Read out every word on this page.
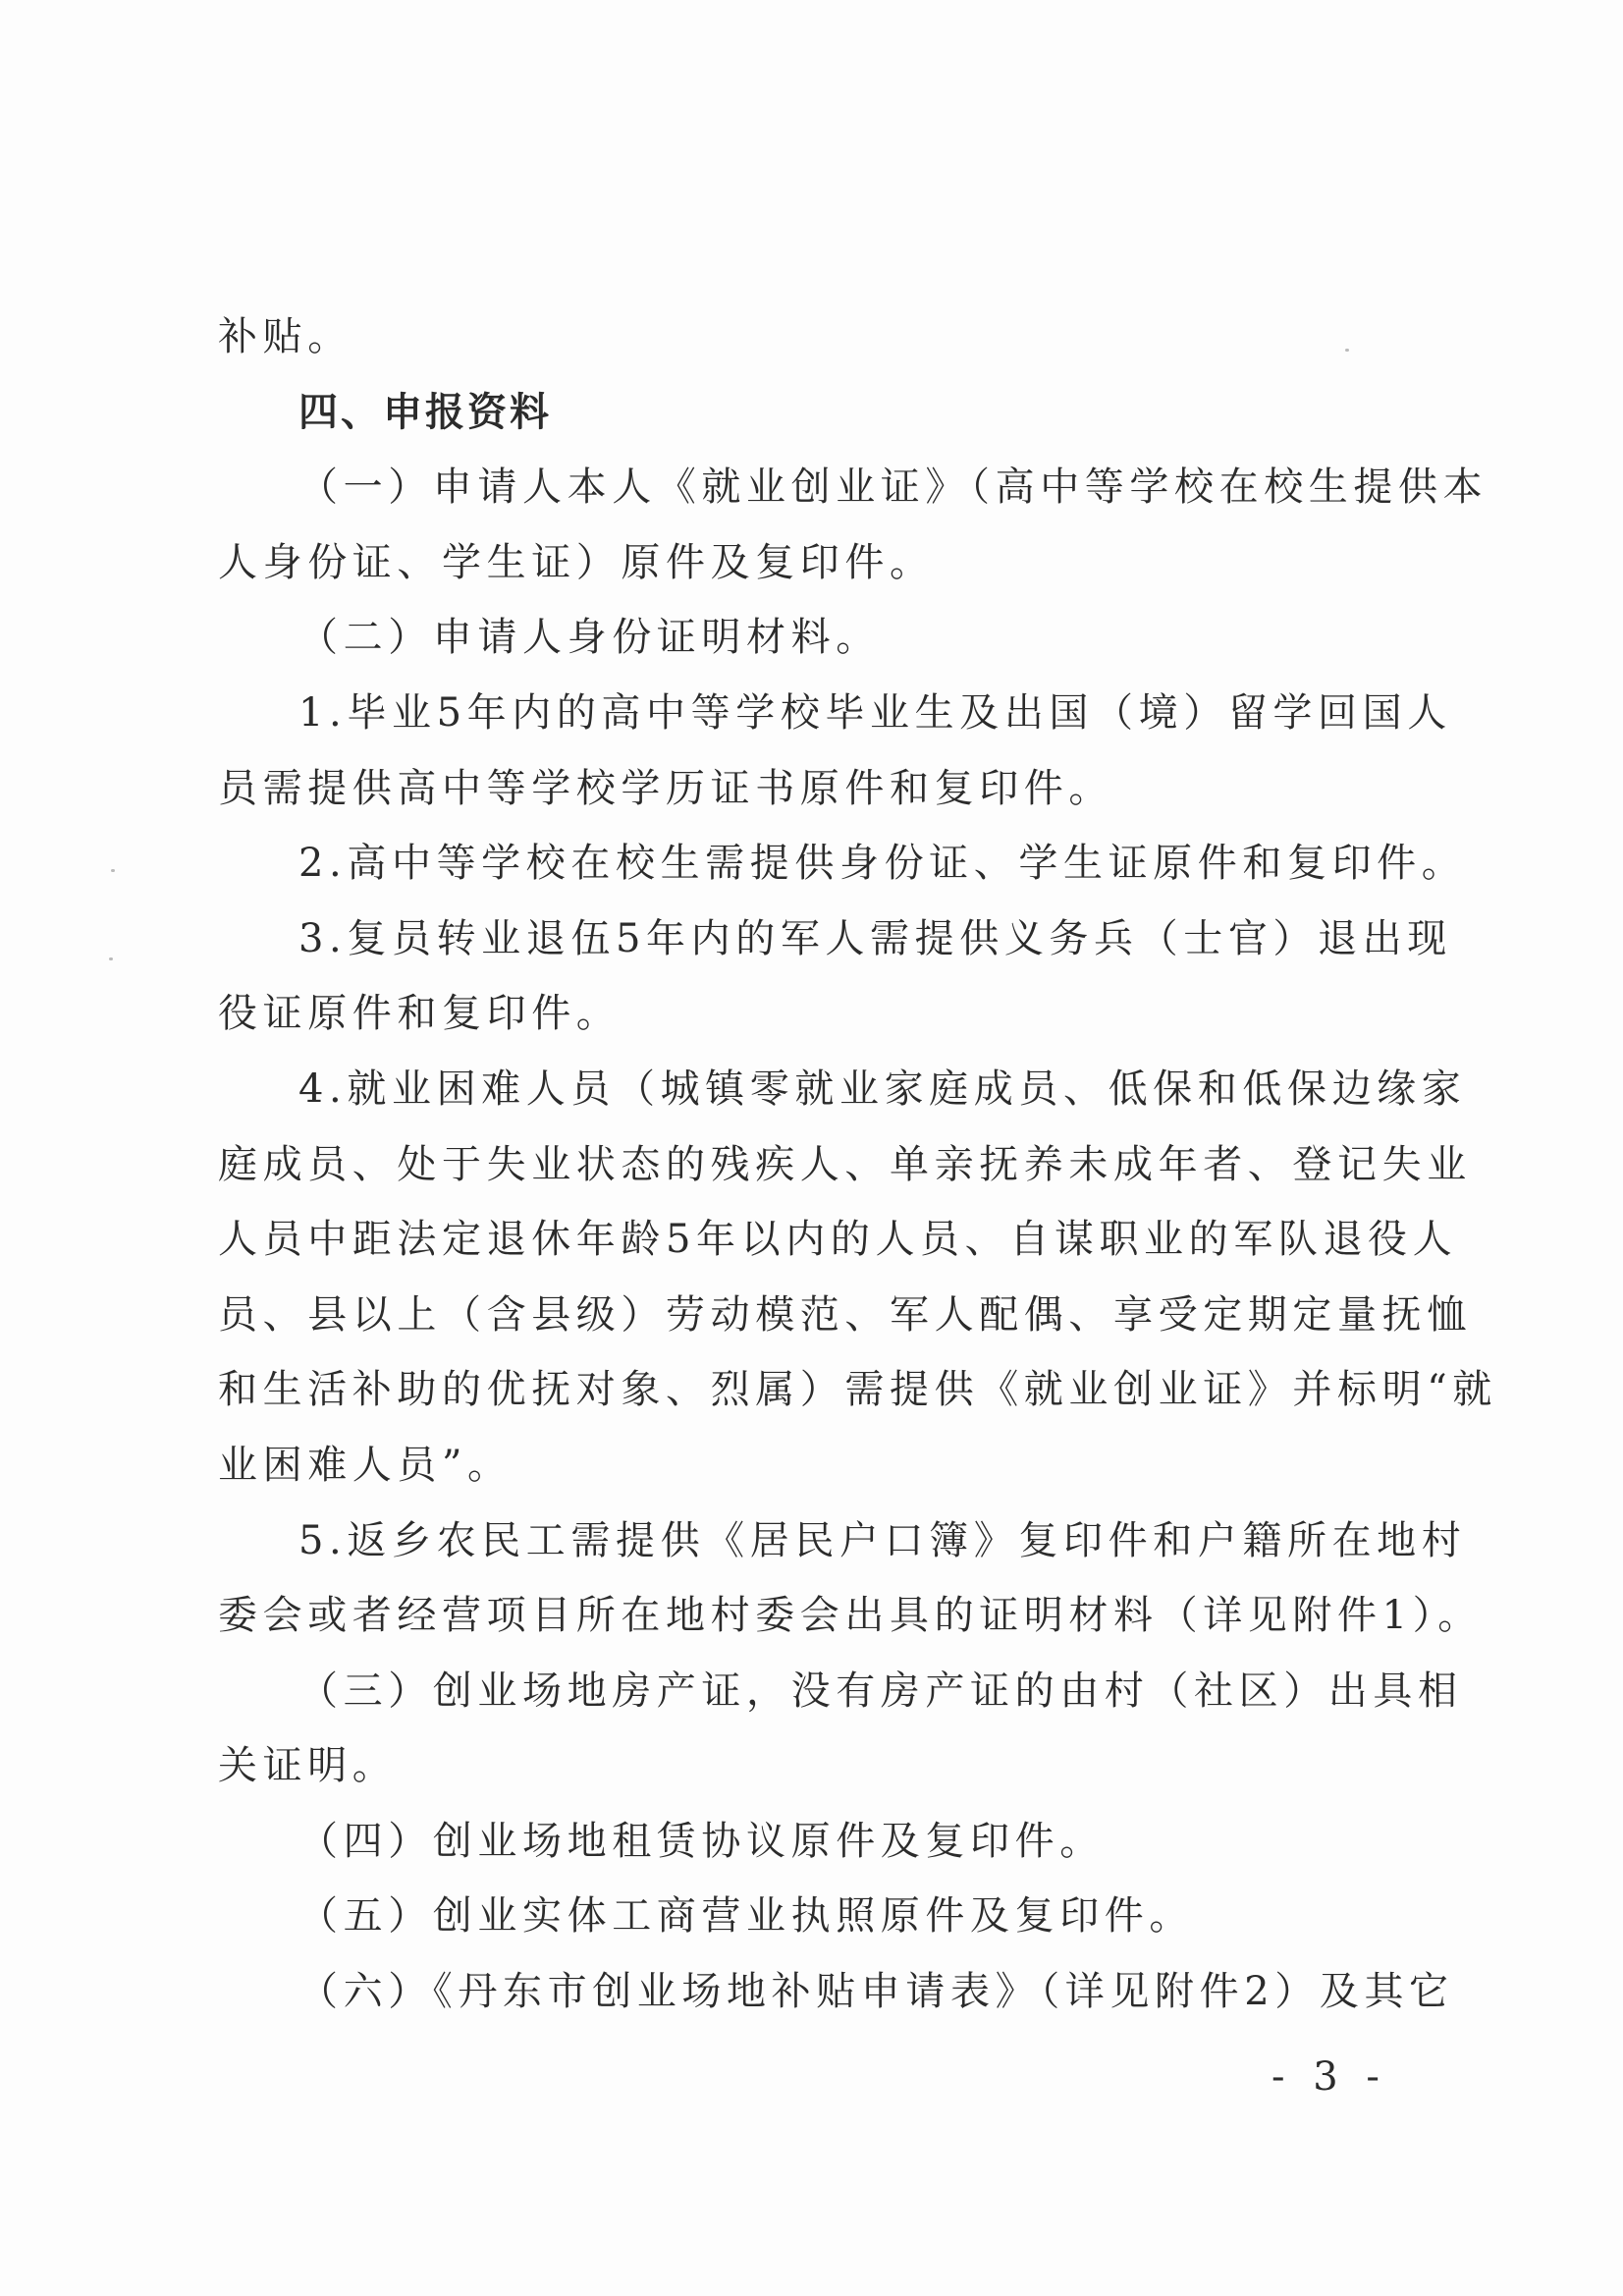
补贴。
四、申报资料
（一）申请人本人《就业创业证》（高中等学校在校生提供本
人身份证、学生证）原件及复印件。
（二）申请人身份证明材料。
1.毕业5年内的高中等学校毕业生及出国（境）留学回国人
员需提供高中等学校学历证书原件和复印件。
2.高中等学校在校生需提供身份证、学生证原件和复印件。
3.复员转业退伍5年内的军人需提供义务兵（士官）退出现
役证原件和复印件。
4.就业困难人员（城镇零就业家庭成员、低保和低保边缘家
庭成员、处于失业状态的残疾人、单亲抚养未成年者、登记失业
人员中距法定退休年龄5年以内的人员、自谋职业的军队退役人
员、县以上（含县级）劳动模范、军人配偶、享受定期定量抚恤
和生活补助的优抚对象、烈属）需提供《就业创业证》并标明“就
业困难人员”。
5.返乡农民工需提供《居民户口簿》复印件和户籍所在地村
委会或者经营项目所在地村委会出具的证明材料（详见附件1）。
（三）创业场地房产证，没有房产证的由村（社区）出具相
关证明。
（四）创业场地租赁协议原件及复印件。
（五）创业实体工商营业执照原件及复印件。
（六）《丹东市创业场地补贴申请表》（详见附件2）及其它
- 3 -
